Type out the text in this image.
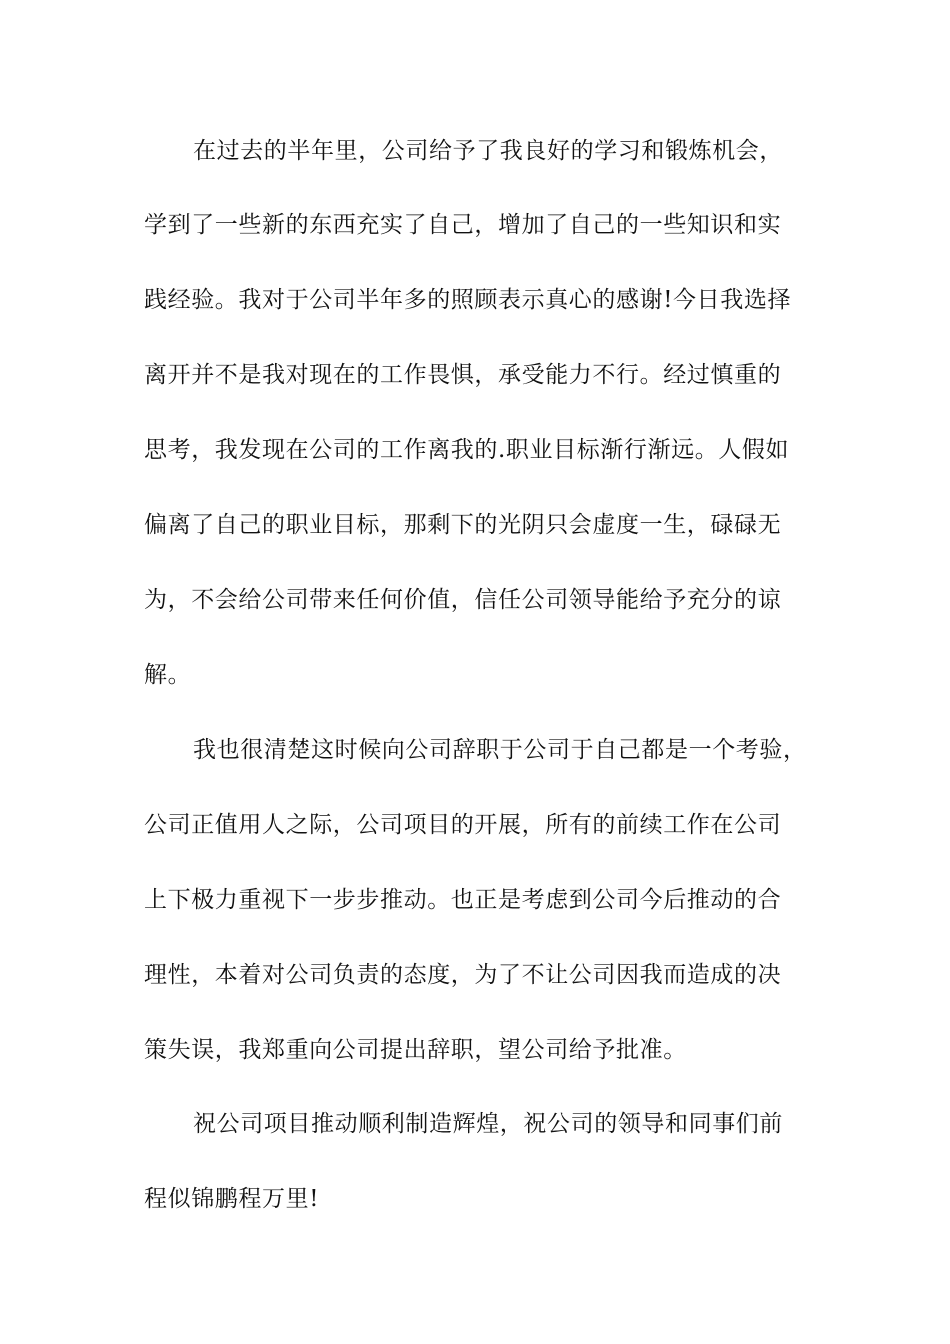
在过去的半年里，公司给予了我良好的学习和锻炼机会，
学到了一些新的东西充实了自己，增加了自己的一些知识和实
践经验。我对于公司半年多的照顾表示真心的感谢!今日我选择
离开并不是我对现在的工作畏惧，承受能力不行。经过慎重的
思考，我发现在公司的工作离我的.职业目标渐行渐远。人假如
偏离了自己的职业目标，那剩下的光阴只会虚度一生，碌碌无
为，不会给公司带来任何价值，信任公司领导能给予充分的谅
解。
我也很清楚这时候向公司辞职于公司于自己都是一个考验，
公司正值用人之际，公司项目的开展，所有的前续工作在公司
上下极力重视下一步步推动。也正是考虑到公司今后推动的合
理性，本着对公司负责的态度，为了不让公司因我而造成的决
策失误，我郑重向公司提出辞职，望公司给予批准。
祝公司项目推动顺利制造辉煌，祝公司的领导和同事们前
程似锦鹏程万里!
